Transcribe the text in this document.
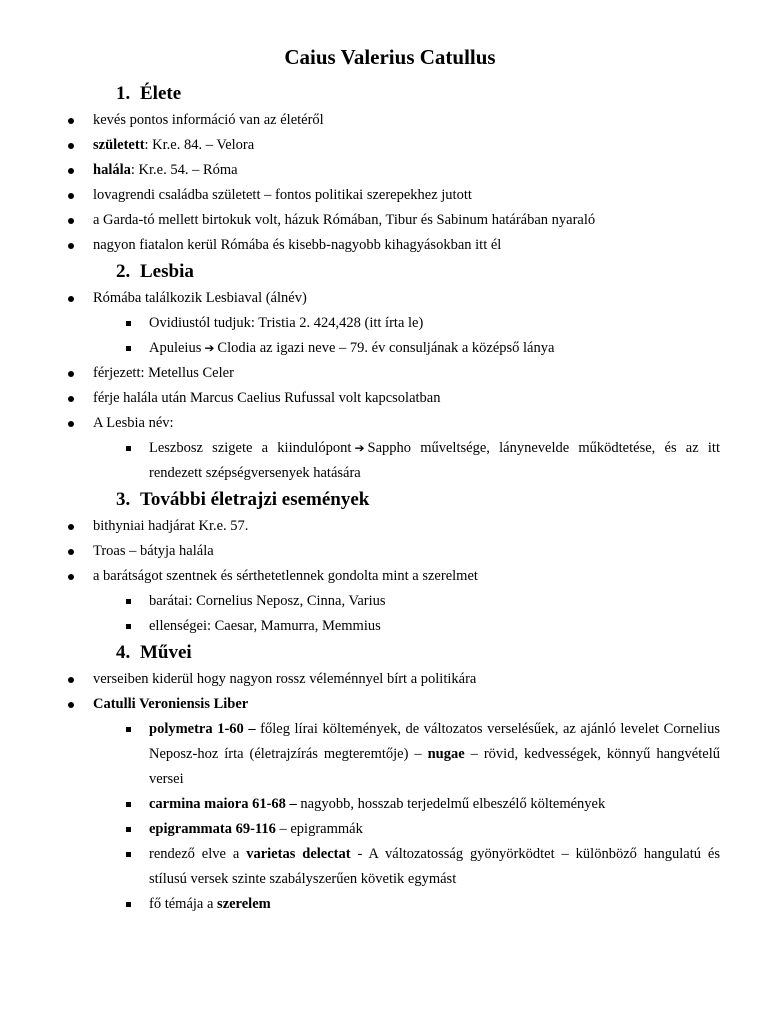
Caius Valerius Catullus
1. Élete
kevés pontos információ van az életéről
született: Kr.e. 84. – Velora
halála: Kr.e. 54. – Róma
lovagrendi családba született – fontos politikai szerepekhez jutott
a Garda-tó mellett birtokuk volt, házuk Rómában, Tibur és Sabinum határában nyaraló
nagyon fiatalon kerül Rómába és kisebb-nagyobb kihagyásokban itt él
2. Lesbia
Rómába találkozik Lesbiaval (álnév)
Ovidiustól tudjuk: Tristia 2. 424,428 (itt írta le)
Apuleius ➔ Clodia az igazi neve – 79. év consuljának a középső lánya
férjezett: Metellus Celer
férje halála után Marcus Caelius Rufussal volt kapcsolatban
A Lesbia név:
Leszbosz szigete a kiindulópont ➔ Sappho műveltsége, lánynevelde működtetése, és az itt rendezett szépségversenyek hatására
3. További életrajzi események
bithyniai hadjárat Kr.e. 57.
Troas – bátyja halála
a barátságot szentnek és sérthetetlennek gondolta mint a szerelmet
barátai: Cornelius Neposz, Cinna, Varius
ellenségei: Caesar, Mamurra, Memmius
4. Művei
verseiben kiderül hogy nagyon rossz véleménnyel bírt a politikára
Catulli Veroniensis Liber
polymetra 1-60 – főleg lírai költemények, de változatos verselésűek, az ajánló levelet Cornelius Neposz-hoz írta (életrajzírás megteremtője) – nugae – rövid, kedvességek, könnyű hangvételű versei
carmina maiora 61-68 – nagyobb, hosszab terjedelmű elbeszélő költemények
epigrammata 69-116 – epigrammák
rendező elve a varietas delectat - A változatosság gyönyörködtet – különböző hangulatú és stílusú versek szinte szabályszerűen követik egymást
fő témája a szerelem
